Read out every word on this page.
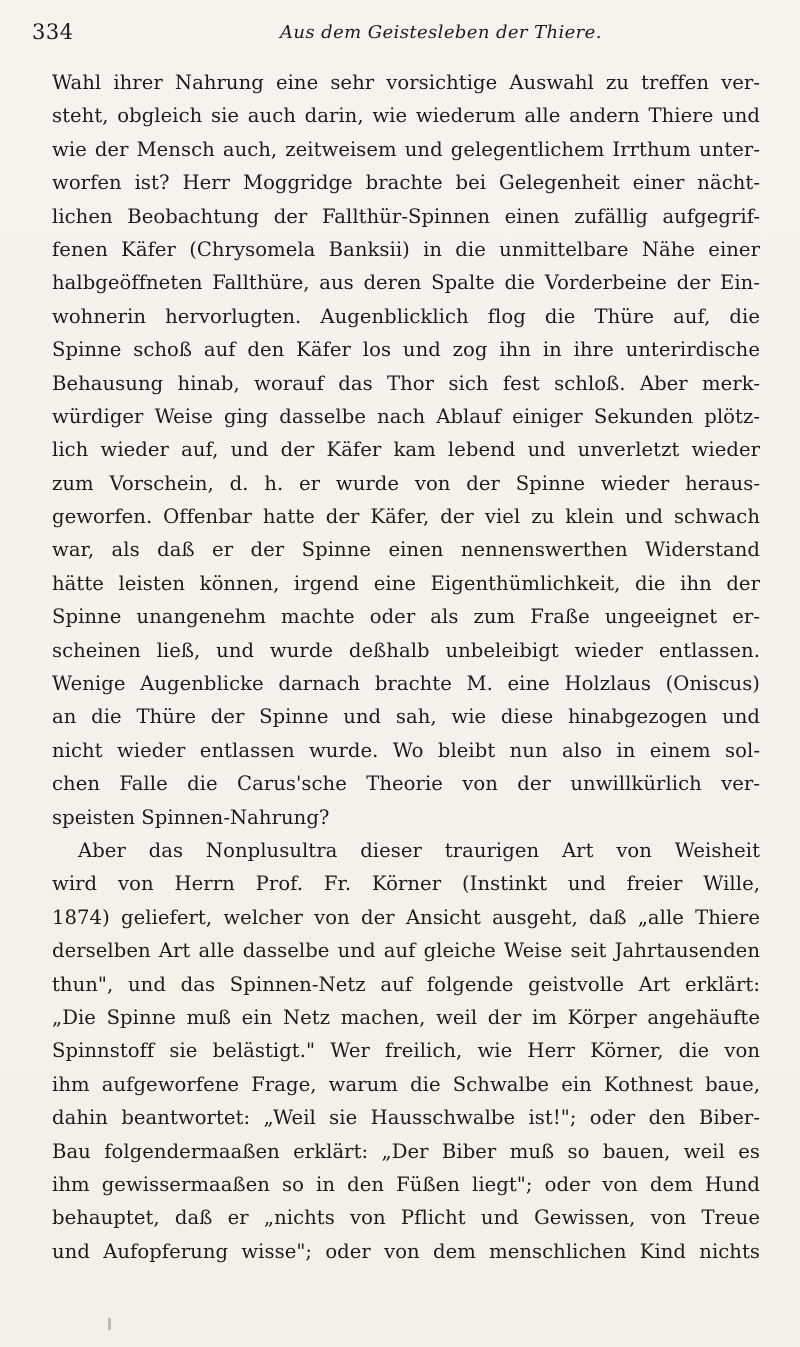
334	Aus dem Geistesleben der Thiere.
Wahl ihrer Nahrung eine sehr vorsichtige Auswahl zu treffen ver-
steht, obgleich sie auch darin, wie wiederum alle andern Thiere und
wie der Mensch auch, zeitweisem und gelegentlichem Irrthum unter-
worfen ist? Herr Moggridge brachte bei Gelegenheit einer nächt-
lichen Beobachtung der Fallthür-Spinnen einen zufällig aufgegrif-
fenen Käfer (Chrysomela Banksii) in die unmittelbare Nähe einer
halbgeöffneten Fallthüre, aus deren Spalte die Vorderbeine der Ein-
wohnerin hervorlugten. Augenblicklich flog die Thüre auf, die
Spinne schoß auf den Käfer los und zog ihn in ihre unterirdische
Behausung hinab, worauf das Thor sich fest schloß. Aber merk-
würdiger Weise ging dasselbe nach Ablauf einiger Sekunden plötz-
lich wieder auf, und der Käfer kam lebend und unverletzt wieder
zum Vorschein, d. h. er wurde von der Spinne wieder heraus-
geworfen. Offenbar hatte der Käfer, der viel zu klein und schwach
war, als daß er der Spinne einen nennenswerthen Widerstand
hätte leisten können, irgend eine Eigenthümlichkeit, die ihn der
Spinne unangenehm machte oder als zum Fraße ungeeignet er-
scheinen ließ, und wurde deßhalb unbeleibigt wieder entlassen.
Wenige Augenblicke darnach brachte M. eine Holzlaus (Oniscus)
an die Thüre der Spinne und sah, wie diese hinabgezogen und
nicht wieder entlassen wurde. Wo bleibt nun also in einem sol-
chen Falle die Carus'sche Theorie von der unwillkürlich ver-
speisten Spinnen-Nahrung?
Aber das Nonplusultra dieser traurigen Art von Weisheit
wird von Herrn Prof. Fr. Körner (Instinkt und freier Wille,
1874) geliefert, welcher von der Ansicht ausgeht, daß „alle Thiere
derselben Art alle dasselbe und auf gleiche Weise seit Jahrtausenden
thun", und das Spinnen-Netz auf folgende geistvolle Art erklärt:
„Die Spinne muß ein Netz machen, weil der im Körper angehäufte
Spinnstoff sie belästigt." Wer freilich, wie Herr Körner, die von
ihm aufgeworfene Frage, warum die Schwalbe ein Kothnest baue,
dahin beantwortet: „Weil sie Hausschwalbe ist!"; oder den Biber-
Bau folgendermaaßen erklärt: „Der Biber muß so bauen, weil es
ihm gewissermaaßen so in den Füßen liegt"; oder von dem Hund
behauptet, daß er „nichts von Pflicht und Gewissen, von Treue
und Aufopferung wisse"; oder von dem menschlichen Kind nichts
